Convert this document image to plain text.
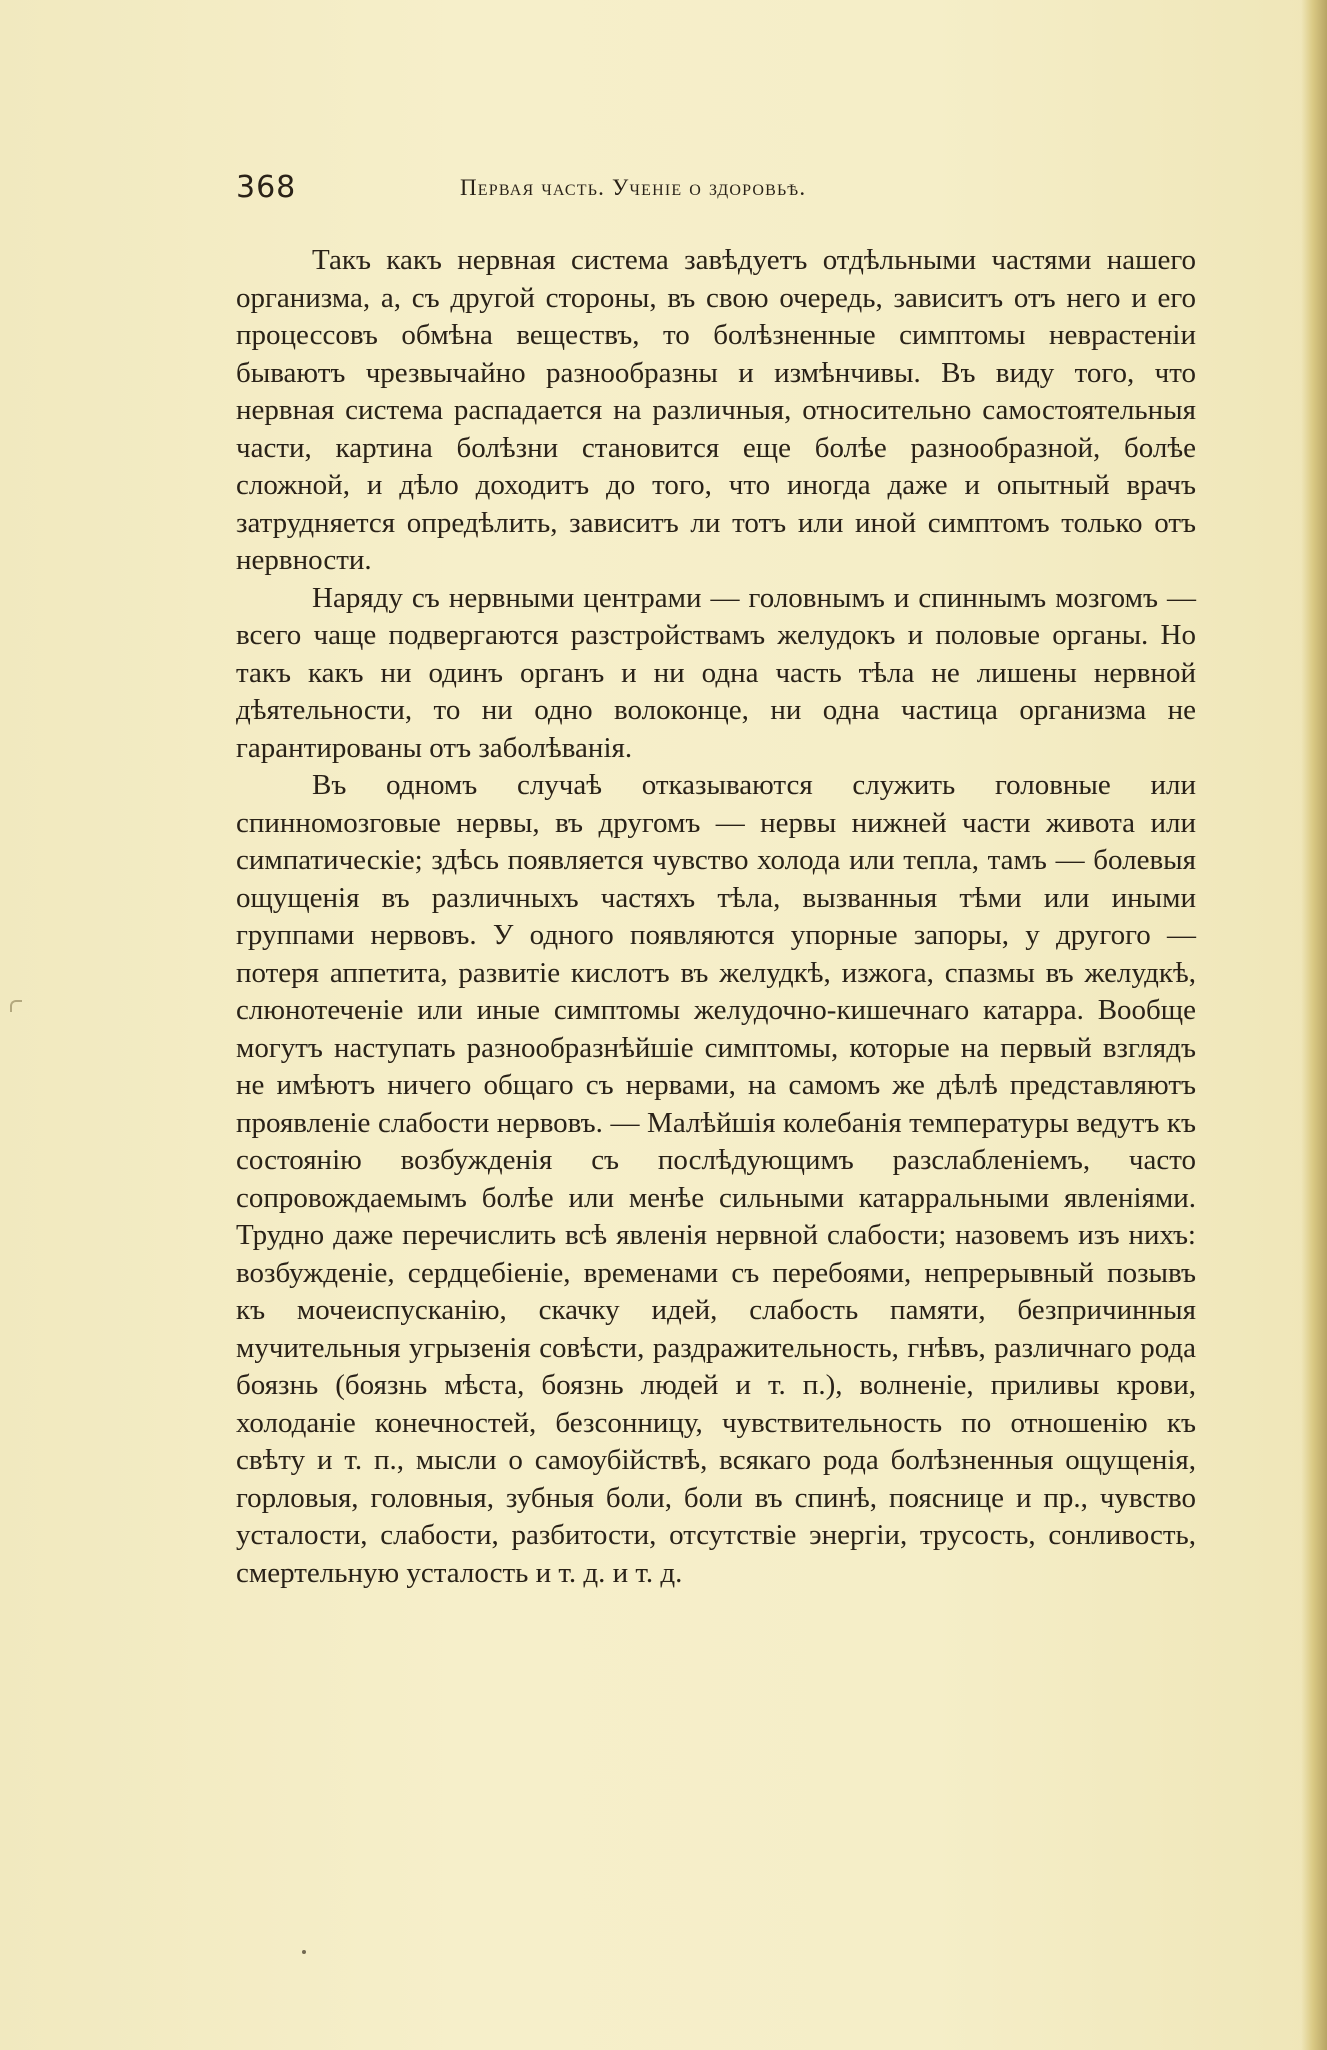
368	Первая часть. Ученіе о здоровьѣ.

Такъ какъ нервная система завѣдуетъ отдѣльными частями нашего организма, а, съ другой стороны, въ свою очередь, зависитъ отъ него и его процессовъ обмѣна веществъ, то болѣзненные симптомы неврастеніи бываютъ чрезвычайно разнообразны и измѣнчивы. Въ виду того, что нервная система распадается на различныя, относительно самостоятельныя части, картина болѣзни становится еще болѣе разнообразной, болѣе сложной, и дѣло доходитъ до того, что иногда даже и опытный врачъ затрудняется опредѣлить, зависитъ ли тотъ или иной симптомъ только отъ нервности.

Наряду съ нервными центрами — головнымъ и спиннымъ мозгомъ — всего чаще подвергаются разстройствамъ желудокъ и половые органы. Но такъ какъ ни одинъ органъ и ни одна часть тѣла не лишены нервной дѣятельности, то ни одно волоконце, ни одна частица организма не гарантированы отъ заболѣванія.

Въ одномъ случаѣ отказываются служить головные или спинномозговые нервы, въ другомъ — нервы нижней части живота или симпатическіе; здѣсь появляется чувство холода или тепла, тамъ — болевыя ощущенія въ различныхъ частяхъ тѣла, вызванныя тѣми или иными группами нервовъ. У одного появляются упорные запоры, у другого — потеря аппетита, развитіе кислотъ въ желудкѣ, изжога, спазмы въ желудкѣ, слюнотеченіе или иные симптомы желудочно-кишечнаго катарра. Вообще могутъ наступать разнообразнѣйшіе симптомы, которые на первый взглядъ не имѣютъ ничего общаго съ нервами, на самомъ же дѣлѣ представляютъ проявленіе слабости нервовъ. — Малѣйшія колебанія температуры ведутъ къ состоянію возбужденія съ послѣдующимъ разслабленіемъ, часто сопровождаемымъ болѣе или менѣе сильными катарральными явленіями. Трудно даже перечислить всѣ явленія нервной слабости; назовемъ изъ нихъ: возбужденіе, сердцебіеніе, временами съ перебоями, непрерывный позывъ къ мочеиспусканію, скачку идей, слабость памяти, безпричинныя мучительныя угрызенія совѣсти, раздражительность, гнѣвъ, различнаго рода боязнь (боязнь мѣста, боязнь людей и т. п.), волненіе, приливы крови, холоданіе конечностей, безсонницу, чувствительность по отношенію къ свѣту и т. п., мысли о самоубійствѣ, всякаго рода болѣзненныя ощущенія, горловыя, головныя, зубныя боли, боли въ спинѣ, пояснице и пр., чувство усталости, слабости, разбитости, отсутствіе энергіи, трусость, сонливость, смертельную усталость и т. д. и т. д.
